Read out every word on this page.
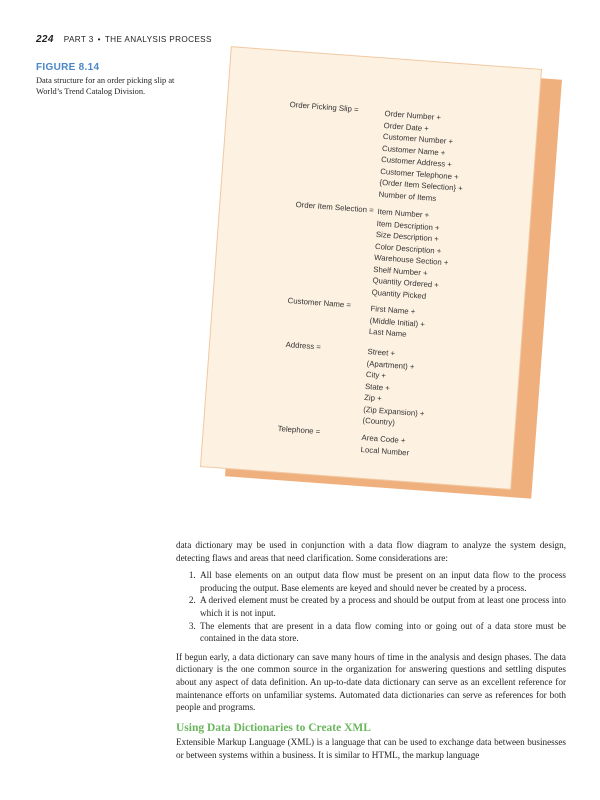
224 PART 3 • THE ANALYSIS PROCESS
FIGURE 8.14
Data structure for an order picking slip at World’s Trend Catalog Division.
Order Picking Slip =
Order Number +
Order Date +
Customer Number +
Customer Name +
Customer Address +
Customer Telephone +
{Order Item Selection} +
Number of Items
Order Item Selection = Item Number +
Item Description +
Size Description +
Color Description +
Warehouse Section +
Shelf Number +
Quantity Ordered +
Quantity Picked
Customer Name =
First Name +
(Middle Initial) +
Last Name
Address =
Street +
(Apartment) +
City +
State +
Zip +
(Zip Expansion) +
(Country)
Telephone =
Area Code +
Local Number

data dictionary may be used in conjunction with a data flow diagram to analyze the system design, detecting flaws and areas that need clarification. Some considerations are:

1. All base elements on an output data flow must be present on an input data flow to the process producing the output. Base elements are keyed and should never be created by a process.
2. A derived element must be created by a process and should be output from at least one process into which it is not input.
3. The elements that are present in a data flow coming into or going out of a data store must be contained in the data store.

If begun early, a data dictionary can save many hours of time in the analysis and design phases. The data dictionary is the one common source in the organization for answering questions and settling disputes about any aspect of data definition. An up-to-date data dictionary can serve as an excellent reference for maintenance efforts on unfamiliar systems. Automated data dictionaries can serve as references for both people and programs.

Using Data Dictionaries to Create XML

Extensible Markup Language (XML) is a language that can be used to exchange data between businesses or between systems within a business. It is similar to HTML, the markup language
